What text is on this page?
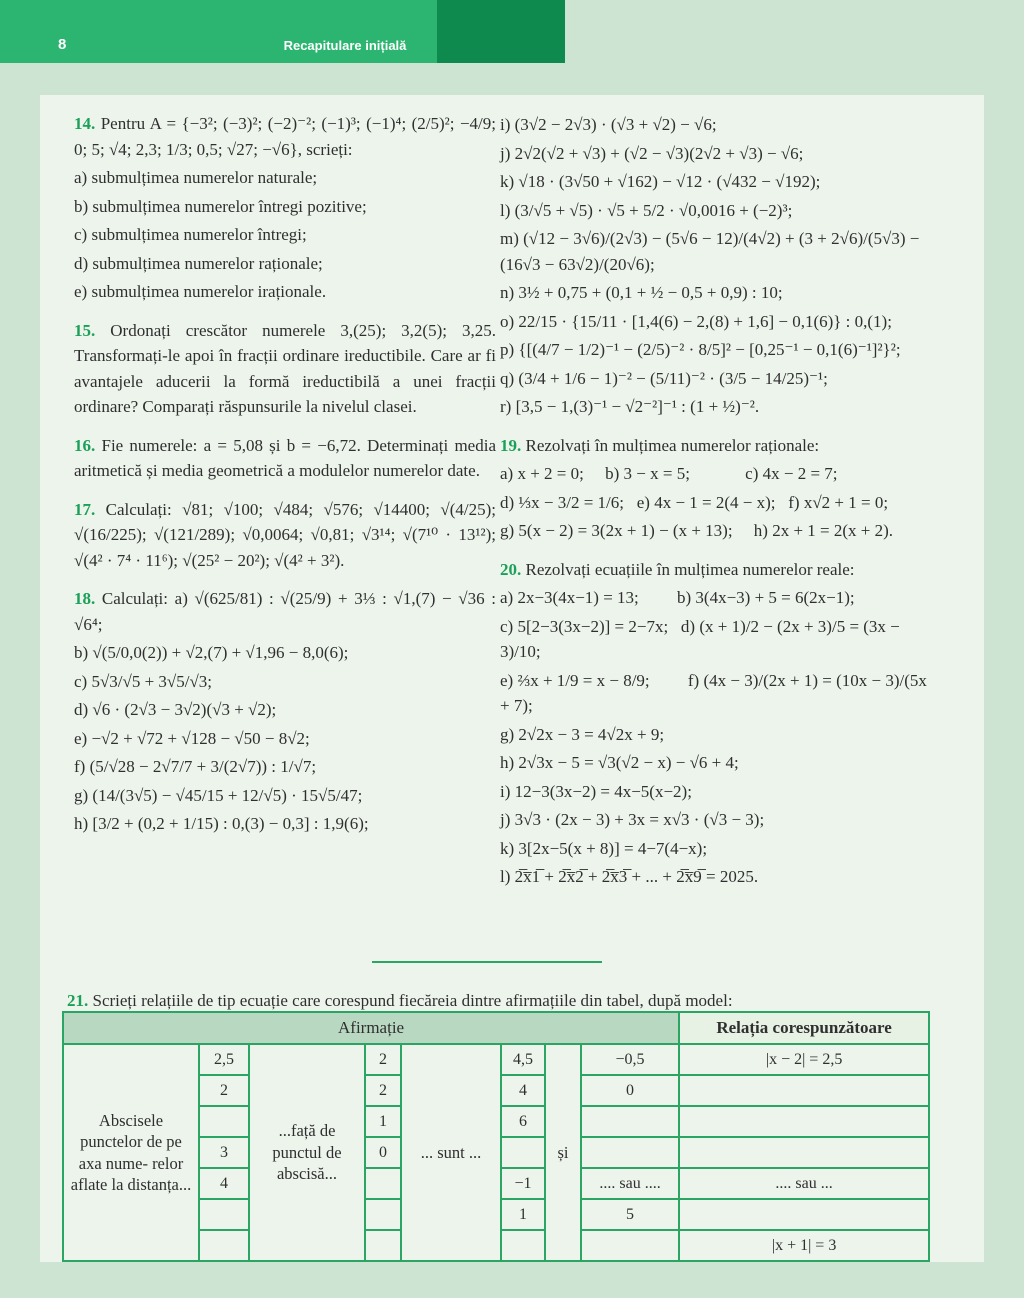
8	Recapitulare inițială

14. Pentru A = {−3²; (−3)²; (−2)⁻²; (−1)³; (−1)⁴; (2/5)²; −4/9; 0; 5; √4; 2,3; 1/3; 0,5; √27; −√6}, scrieți:

a) submulțimea numerelor naturale;
b) submulțimea numerelor întregi pozitive;
c) submulțimea numerelor întregi;
d) submulțimea numerelor raționale;
e) submulțimea numerelor iraționale.

15. Ordonați crescător numerele 3,(25); 3,2(5); 3,25. Transformați-le apoi în fracții ordinare ireductibile. Care ar fi avantajele aducerii la formă ireductibilă a unei fracții ordinare? Comparați răspunsurile la nivelul clasei.

16. Fie numerele: a = 5,08 și b = −6,72. Determinați media aritmetică și media geometrică a modulelor numerelor date.

17. Calculați: √81; √100; √484; √576; √14400; √(4/25); √(16/225); √(121/289); √0,0064; √0,81; √3¹⁴; √(7¹⁰ · 13¹²); √(4² · 7⁴ · 11⁶); √(25² − 20²); √(4² + 3²).

18. Calculați: a) √(625/81) : √(25/9) + 3⅓ : √1,(7) − √36 : √6⁴;

b) √(5/0,0(2)) + √2,(7) + √1,96 − 8,0(6);
c) 5√3/√5 + 3√5/√3;
d) √6 · (2√3 − 3√2)(√3 + √2);
e) −√2 + √72 + √128 − √50 − 8√2;
f) (5/√28 − 2√7/7 + 3/(2√7)) : 1/√7;
g) (14/(3√5) − √45/15 + 12/√5) · 15√5/47;
h) [3/2 + (0,2 + 1/15) : 0,(3) − 0,3] : 1,9(6);
i) (3√2 − 2√3) · (√3 + √2) − √6;
j) 2√2(√2 + √3) + (√2 − √3)(2√2 + √3) − √6;
k) √18 · (3√50 + √162) − √12 · (√432 − √192);
l) (3/√5 + √5) · √5 + 5/2 · √0,0016 + (−2)³;
m) (√12 − 3√6)/(2√3) − (5√6 − 12)/(4√2) + (3 + 2√6)/(5√3) − (16√3 − 63√2)/(20√6);
n) 3½ + 0,75 + (0,1 + ½ − 0,5 + 0,9) : 10;
o) 22/15 · {15/11 · [1,4(6) − 2,(8) + 1,6] − 0,1(6)} : 0,(1);
p) {[(4/7 − 1/2)⁻¹ − (2/5)⁻² · 8/5]² − [0,25⁻¹ − 0,1(6)⁻¹]²}²;
q) (3/4 + 1/6 − 1)⁻² − (5/11)⁻² · (3/5 − 14/25)⁻¹;
r) [3,5 − 1,(3)⁻¹ − √2⁻²]⁻¹ : (1 + ½)⁻².

19. Rezolvați în mulțimea numerelor raționale:

a) x + 2 = 0;  b) 3 − x = 5;    c) 4x − 2 = 7;
d) ⅓x − 3/2 = 1/6;  e) 4x − 1 = 2(4 − x);  f) x√2 + 1 = 0;
g) 5(x − 2) = 3(2x + 1) − (x + 13);  h) 2x + 1 = 2(x + 2).

20. Rezolvați ecuațiile în mulțimea numerelor reale:

a) 2x−3(4x−1) = 13;   b) 3(4x−3) + 5 = 6(2x−1);
c) 5[2−3(3x−2)] = 2−7x;  d) (x + 1)/2 − (2x + 3)/5 = (3x − 3)/10;
e) ⅔x + 1/9 = x − 8/9;   f) (4x − 3)/(2x + 1) = (10x − 3)/(5x + 7);
g) 2√2x − 3 = 4√2x + 9;
h) 2√3x − 5 = √3(√2 − x) − √6 + 4;
i) 12−3(3x−2) = 4x−5(x−2);
j) 3√3 · (2x − 3) + 3x = x√3 · (√3 − 3);
k) 3[2x−5(x + 8)] = 4−7(4−x);
l) 2̅x̅1̅ + 2̅x̅2̅ + 2̅x̅3̅ + ... + 2̅x̅9̅ = 2025.

21. Scrieți relațiile de tip ecuație care corespund fiecăreia dintre afirmațiile din tabel, după model:

Afirmație								Relația corespunzătoare
Abscisele punctelor de pe axa nume- relor aflate la distanța...	2,5	...față de punctul de abscisă...	2	... sunt ...	4,5	și	−0,5	|x − 2| = 2,5
	2		2		4		0	
			1		6			
	3		0					
	4				−1		.... sau ....	.... sau ...
					1		5	
								|x + 1| = 3
